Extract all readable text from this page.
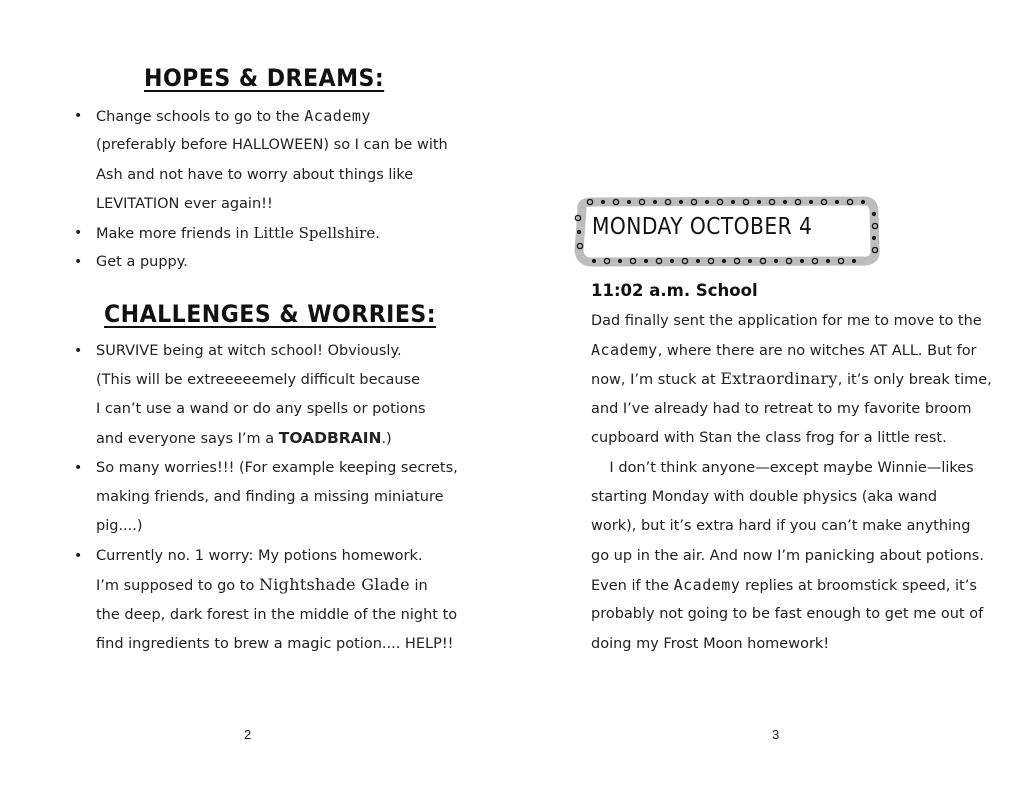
HOPES & DREAMS:
• Change schools to go to the Academy
(preferably before HALLOWEEN) so I can be with
Ash and not have to worry about things like
LEVITATION ever again!!
• Make more friends in Little Spellshire.
• Get a puppy.
CHALLENGES & WORRIES:
• SURVIVE being at witch school! Obviously.
(This will be extreeeeemely difficult because
I can’t use a wand or do any spells or potions
and everyone says I’m a TOADBRAIN.)
• So many worries!!! (For example keeping secrets,
making friends, and finding a missing miniature
pig....)
• Currently no. 1 worry: My potions homework.
I’m supposed to go to Nightshade Glade in
the deep, dark forest in the middle of the night to
find ingredients to brew a magic potion.... HELP!!
2
MONDAY OCTOBER 4
11:02 a.m. School
Dad finally sent the application for me to move to the
Academy, where there are no witches AT ALL. But for
now, I’m stuck at Extraordinary, it’s only break time,
and I’ve already had to retreat to my favorite broom
cupboard with Stan the class frog for a little rest.
I don’t think anyone—except maybe Winnie—likes
starting Monday with double physics (aka wand
work), but it’s extra hard if you can’t make anything
go up in the air. And now I’m panicking about potions.
Even if the Academy replies at broomstick speed, it’s
probably not going to be fast enough to get me out of
doing my Frost Moon homework!
3
